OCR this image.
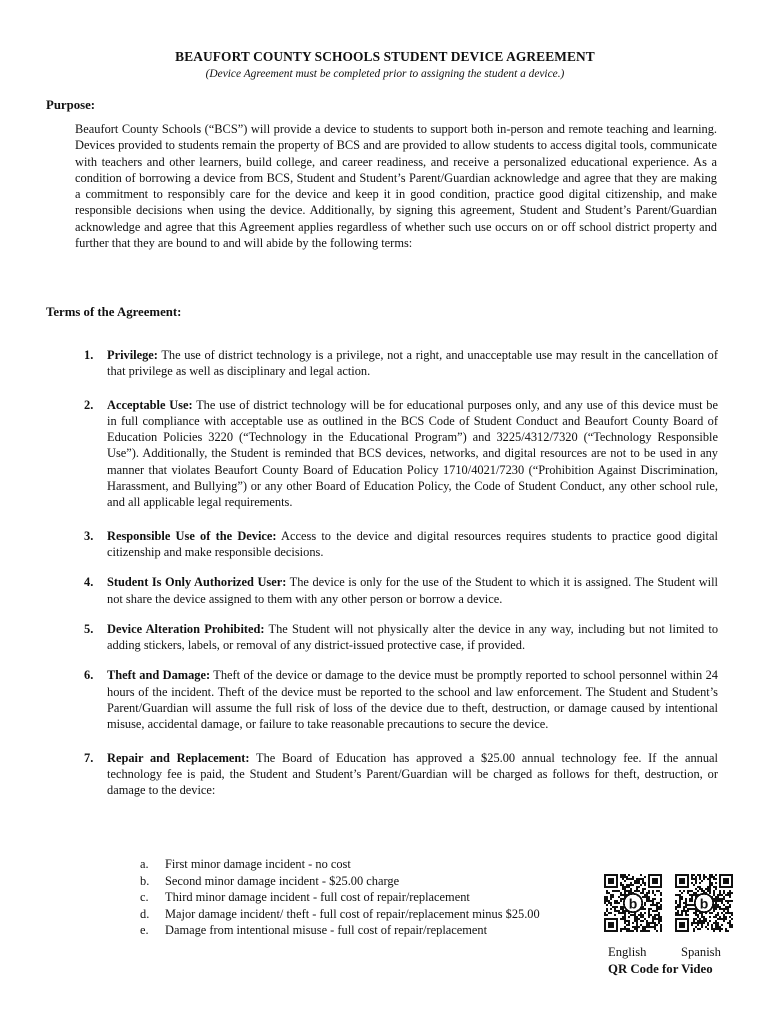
BEAUFORT COUNTY SCHOOLS STUDENT DEVICE AGREEMENT
(Device Agreement must be completed prior to assigning the student a device.)
Purpose:

Beaufort County Schools (“BCS”) will provide a device to students to support both in-person and remote teaching and learning. Devices provided to students remain the property of BCS and are provided to allow students to access digital tools, communicate with teachers and other learners, build college, and career readiness, and receive a personalized educational experience. As a condition of borrowing a device from BCS, Student and Student’s Parent/Guardian acknowledge and agree that they are making a commitment to responsibly care for the device and keep it in good condition, practice good digital citizenship, and make responsible decisions when using the device. Additionally, by signing this agreement, Student and Student’s Parent/Guardian acknowledge and agree that this Agreement applies regardless of whether such use occurs on or off school district property and further that they are bound to and will abide by the following terms:

Terms of the Agreement:
1. Privilege: The use of district technology is a privilege, not a right, and unacceptable use may result in the cancellation of that privilege as well as disciplinary and legal action.
2. Acceptable Use: The use of district technology will be for educational purposes only, and any use of this device must be in full compliance with acceptable use as outlined in the BCS Code of Student Conduct and Beaufort County Board of Education Policies 3220 (“Technology in the Educational Program”) and 3225/4312/7320 (“Technology Responsible Use”). Additionally, the Student is reminded that BCS devices, networks, and digital resources are not to be used in any manner that violates Beaufort County Board of Education Policy 1710/4021/7230 (“Prohibition Against Discrimination, Harassment, and Bullying”) or any other Board of Education Policy, the Code of Student Conduct, any other school rule, and all applicable legal requirements.
3. Responsible Use of the Device: Access to the device and digital resources requires students to practice good digital citizenship and make responsible decisions.
4. Student Is Only Authorized User: The device is only for the use of the Student to which it is assigned. The Student will not share the device assigned to them with any other person or borrow a device.
5. Device Alteration Prohibited: The Student will not physically alter the device in any way, including but not limited to adding stickers, labels, or removal of any district-issued protective case, if provided.
6. Theft and Damage: Theft of the device or damage to the device must be promptly reported to school personnel within 24 hours of the incident. Theft of the device must be reported to the school and law enforcement. The Student and Student’s Parent/Guardian will assume the full risk of loss of the device due to theft, destruction, or damage caused by intentional misuse, accidental damage, or failure to take reasonable precautions to secure the device.
7. Repair and Replacement: The Board of Education has approved a $25.00 annual technology fee. If the annual technology fee is paid, the Student and Student’s Parent/Guardian will be charged as follows for theft, destruction, or damage to the device:
a. First minor damage incident - no cost
b. Second minor damage incident - $25.00 charge
c. Third minor damage incident - full cost of repair/replacement
d. Major damage incident/ theft - full cost of repair/replacement minus $25.00
e. Damage from intentional misuse - full cost of repair/replacement
b	b
English	Spanish
QR Code for Video
